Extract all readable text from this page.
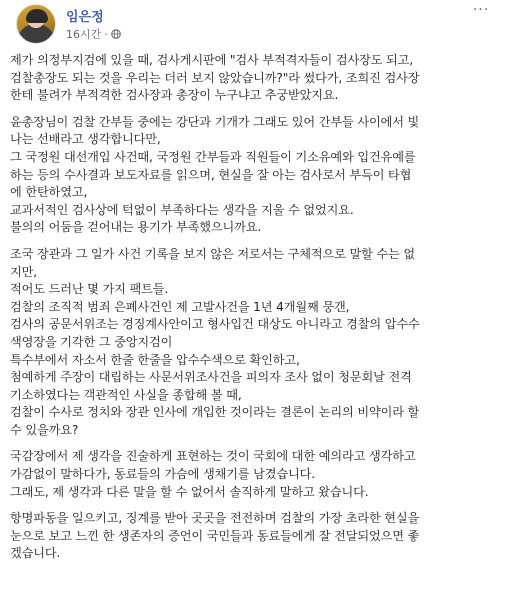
임은정
16시간 ·
···

제가 의정부지검에 있을 때, 검사게시판에 "검사 부적격자들이 검사장도 되고,
검찰총장도 되는 것을 우리는 더러 보지 않았습니까?"라 썼다가, 조희진 검사장
한테 불려가 부적격한 검사장과 총장이 누구냐고 추궁받았지요.

윤총장님이 검찰 간부들 중에는 강단과 기개가 그래도 있어 간부들 사이에서 빛
나는 선배라고 생각합니다만,
그 국정원 대선개입 사건때, 국정원 간부들과 직원들이 기소유예와 입건유예를
하는 등의 수사결과 보도자료를 읽으며, 현실을 잘 아는 검사로서 부득이 타협
에 한탄하였고,
교과서적인 검사상에 턱없이 부족하다는 생각을 지울 수 없었지요.
불의의 어둠을 걷어내는 용기가 부족했으니까요.

조국 장관과 그 일가 사건 기록을 보지 않은 저로서는 구체적으로 말할 수는 없
지만,
적어도 드러난 몇 가지 팩트들.
검찰의 조직적 범죄 은폐사건인 제 고발사건을 1년 4개월째 뭉갠,
검사의 공문서위조는 경징계사안이고 형사입건 대상도 아니라고 경찰의 압수수
색영장을 기각한 그 중앙지검이
특수부에서 자소서 한줄 한줄을 압수수색으로 확인하고,
첨예하게 주장이 대립하는 사문서위조사건을 피의자 조사 없이 청문회날 전격
기소하였다는 객관적인 사실을 종합해 볼 때,
검찰이 수사로 정치와 장관 인사에 개입한 것이라는 결론이 논리의 비약이라 할
수 있을까요?

국감장에서 제 생각을 진술하게 표현하는 것이 국회에 대한 예의라고 생각하고
가감없이 말하다가, 동료들의 가슴에 생채기를 남겼습니다.
그래도, 제 생각과 다른 말을 할 수 없어서 솔직하게 말하고 왔습니다.

항명파동을 일으키고, 징계를 받아 곳곳을 전전하며 검찰의 가장 초라한 현실을
눈으로 보고 느낀 한 생존자의 증언이 국민들과 동료들에게 잘 전달되었으면 좋
겠습니다.
